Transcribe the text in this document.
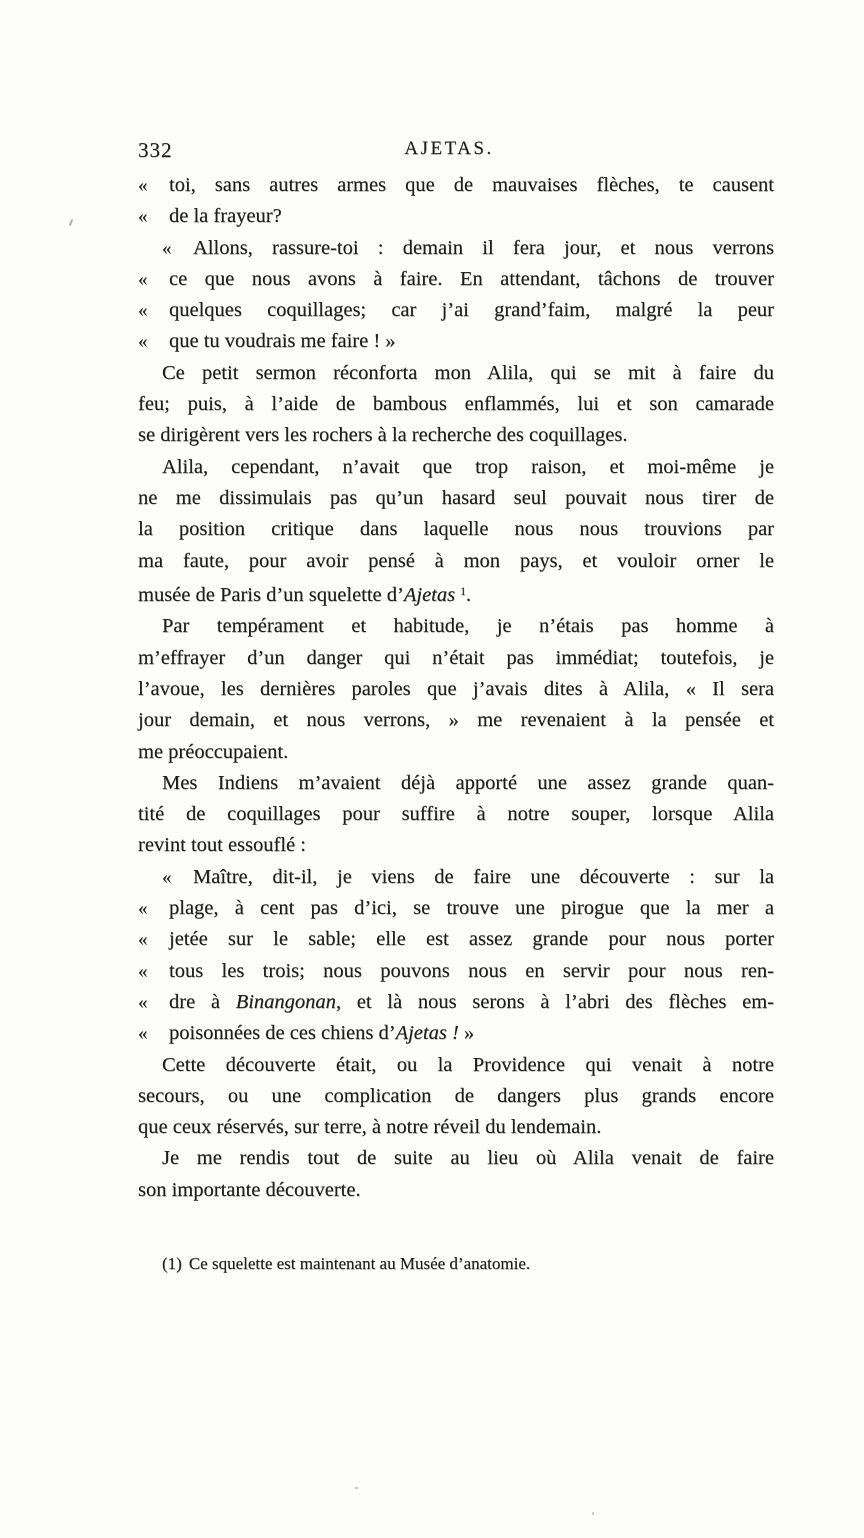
332	AJETAS.
« toi, sans autres armes que de mauvaises flèches, te causent
« de la frayeur?
« Allons, rassure-toi : demain il fera jour, et nous verrons
« ce que nous avons à faire. En attendant, tâchons de trouver
« quelques coquillages; car j’ai grand’faim, malgré la peur
« que tu voudrais me faire ! »
Ce petit sermon réconforta mon Alila, qui se mit à faire du
feu; puis, à l’aide de bambous enflammés, lui et son camarade
se dirigèrent vers les rochers à la recherche des coquillages.
Alila, cependant, n’avait que trop raison, et moi-même je
ne me dissimulais pas qu’un hasard seul pouvait nous tirer de
la position critique dans laquelle nous nous trouvions par
ma faute, pour avoir pensé à mon pays, et vouloir orner le
musée de Paris d’un squelette d’Ajetas $^1$.
Par tempérament et habitude, je n’étais pas homme à
m’effrayer d’un danger qui n’était pas immédiat; toutefois, je
l’avoue, les dernières paroles que j’avais dites à Alila, « Il sera
jour demain, et nous verrons, » me revenaient à la pensée et
me préoccupaient.
Mes Indiens m’avaient déjà apporté une assez grande quan-
tité de coquillages pour suffire à notre souper, lorsque Alila
revint tout essouflé :
« Maître, dit-il, je viens de faire une découverte : sur la
« plage, à cent pas d’ici, se trouve une pirogue que la mer a
« jetée sur le sable; elle est assez grande pour nous porter
« tous les trois; nous pouvons nous en servir pour nous ren-
« dre à Binangonan, et là nous serons à l’abri des flèches em-
« poisonnées de ces chiens d’Ajetas ! »
Cette découverte était, ou la Providence qui venait à notre
secours, ou une complication de dangers plus grands encore
que ceux réservés, sur terre, à notre réveil du lendemain.
Je me rendis tout de suite au lieu où Alila venait de faire
son importante découverte.
(1) Ce squelette est maintenant au Musée d’anatomie.
